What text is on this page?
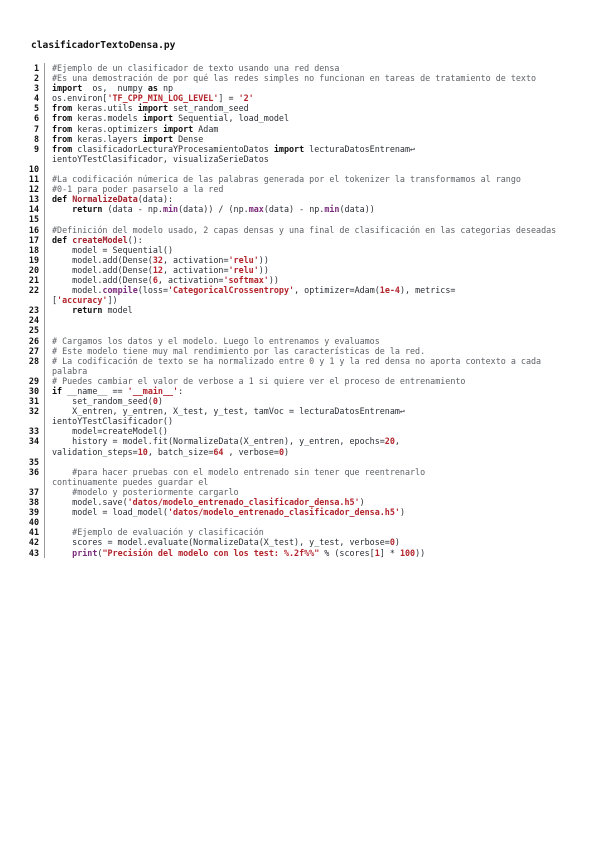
clasificadorTextoDensa.py
1	#Ejemplo de un clasificador de texto usando una red densa
2	#Es una demostración de por qué las redes simples no funcionan en tareas de tratamiento de texto
3	import  os,  numpy as np
4	os.environ['TF_CPP_MIN_LOG_LEVEL'] = '2'
5	from keras.utils import set_random_seed
6	from keras.models import Sequential, load_model
7	from keras.optimizers import Adam
8	from keras.layers import Dense
9	from clasificadorLecturaYProcesamientoDatos import lecturaDatosEntrenam↩
ientoYTestClasificador, visualizaSerieDatos
10

11	#La codificación númerica de las palabras generada por el tokenizer la transformamos al rango
12	#0-1 para poder pasarselo a la red
13	def NormalizeData(data):
14	return (data - np.min(data)) / (np.max(data) - np.min(data))
15

16	#Definición del modelo usado, 2 capas densas y una final de clasificación en las categorias deseadas
17	def createModel():
18	model = Sequential()
19	model.add(Dense(32, activation='relu'))
20	model.add(Dense(12, activation='relu'))
21	model.add(Dense(6, activation='softmax'))
22	model.compile(loss='CategoricalCrossentropy', optimizer=Adam(1e-4), metrics=
['accuracy'])
23	return model
24

25

26	# Cargamos los datos y el modelo. Luego lo entrenamos y evaluamos
27	# Este modelo tiene muy mal rendimiento por las características de la red.
28	# La codificación de texto se ha normalizado entre 0 y 1 y la red densa no aporta contexto a cada palabra
29	# Puedes cambiar el valor de verbose a 1 si quiere ver el proceso de entrenamiento
30	if __name__ == '__main__':
31	set_random_seed(0)
32	X_entren, y_entren, X_test, y_test, tamVoc = lecturaDatosEntrenam↩
ientoYTestClasificador()
33	model=createModel()
34	history = model.fit(NormalizeData(X_entren), y_entren, epochs=20,
validation_steps=10, batch_size=64 , verbose=0)
35

36	#para hacer pruebas con el modelo entrenado sin tener que reentrenarlo
continuamente puedes guardar el
37	#modelo y posteriormente cargarlo
38	model.save('datos/modelo_entrenado_clasificador_densa.h5')
39	model = load_model('datos/modelo_entrenado_clasificador_densa.h5')
40

41	#Ejemplo de evaluación y clasificación
42	scores = model.evaluate(NormalizeData(X_test), y_test, verbose=0)
43	print("Precisión del modelo con los test: %.2f%%" % (scores[1] * 100))
